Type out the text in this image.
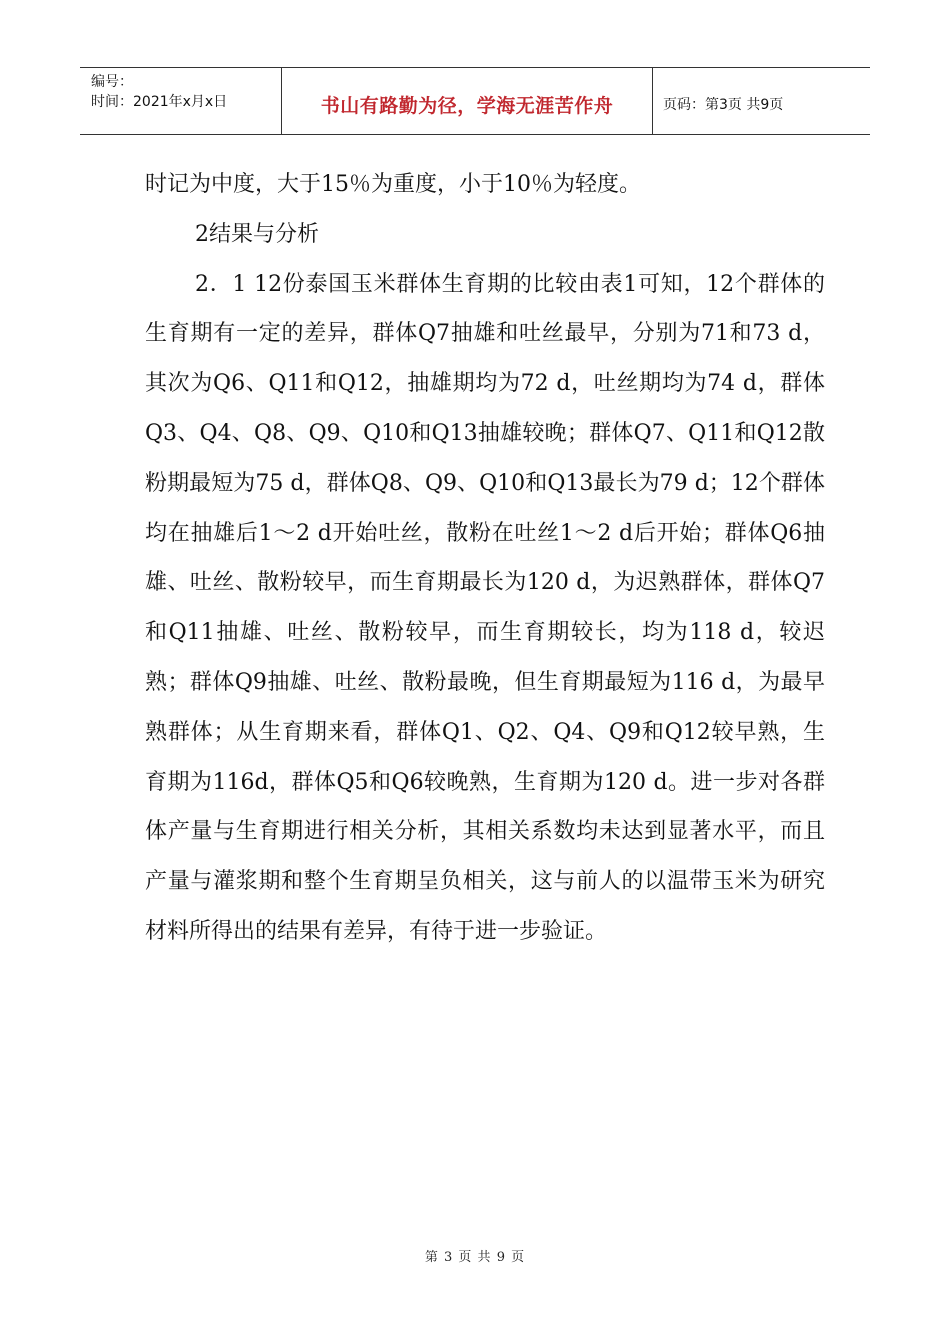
编号：
时间：2021年x月x日	书山有路勤为径，学海无涯苦作舟	页码：第3页 共9页

时记为中度，大于15％为重度，小于10％为轻度。

2结果与分析

2．1 12份泰国玉米群体生育期的比较由表1可知，12个群体的生育期有一定的差异，群体Q7抽雄和吐丝最早，分别为71和73 d，其次为Q6、Q11和Q12，抽雄期均为72 d，吐丝期均为74 d，群体Q3、Q4、Q8、Q9、Q10和Q13抽雄较晚；群体Q7、Q11和Q12散粉期最短为75 d，群体Q8、Q9、Q10和Q13最长为79 d；12个群体均在抽雄后1～2 d开始吐丝，散粉在吐丝1～2 d后开始；群体Q6抽雄、吐丝、散粉较早，而生育期最长为120 d，为迟熟群体，群体Q7和Q11抽雄、吐丝、散粉较早，而生育期较长，均为118 d，较迟熟；群体Q9抽雄、吐丝、散粉最晚，但生育期最短为116 d，为最早熟群体；从生育期来看，群体Q1、Q2、Q4、Q9和Q12较早熟，生育期为116d，群体Q5和Q6较晚熟，生育期为120 d。进一步对各群体产量与生育期进行相关分析，其相关系数均未达到显著水平，而且产量与灌浆期和整个生育期呈负相关，这与前人的以温带玉米为研究材料所得出的结果有差异，有待于进一步验证。

第 3 页 共 9 页
